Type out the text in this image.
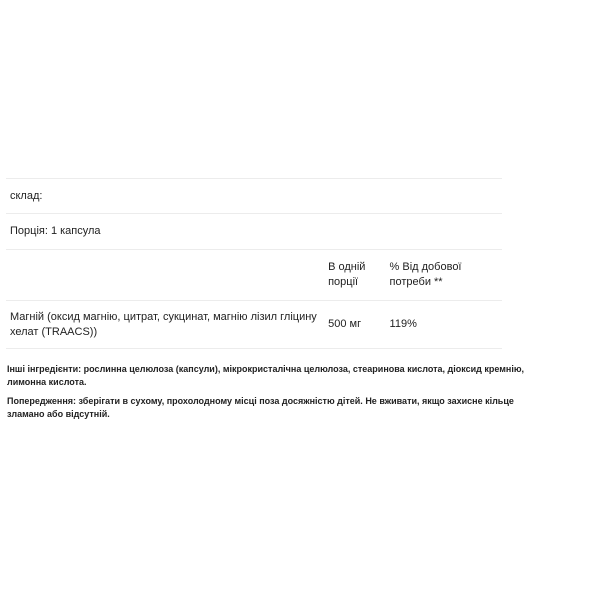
склад:		
Порція: 1 капсула		
	В одній порції	% Від добової потреби **
Магній (оксид магнію, цитрат, сукцинат, магнію лізил гліцину хелат (TRAACS))	500 мг	119%

Інші інгредієнти: рослинна целюлоза (капсули), мікрокристалічна целюлоза, стеаринова кислота, діоксид кремнію, лимонна кислота.

Попередження: зберігати в сухому, прохолодному місці поза досяжністю дітей. Не вживати, якщо захисне кільце зламано або відсутній.
